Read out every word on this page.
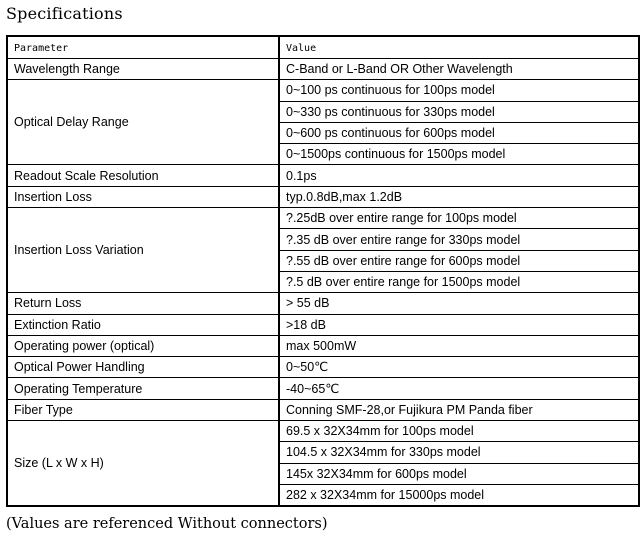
Specifications
Parameter	Value
Wavelength Range	C-Band or L-Band OR Other Wavelength
Optical Delay Range	0~100 ps continuous for 100ps model
	0~330 ps continuous for 330ps model
	0~600 ps continuous for 600ps model
	0~1500ps continuous for 1500ps model
Readout Scale Resolution	0.1ps
Insertion Loss	typ.0.8dB,max 1.2dB
Insertion Loss Variation	?.25dB over entire range for 100ps model
	?.35 dB over entire range for 330ps model
	?.55 dB over entire range for 600ps model
	?.5 dB over entire range for 1500ps model
Return Loss	> 55 dB
Extinction Ratio	>18 dB
Operating power (optical)	max 500mW
Optical Power Handling	0~50℃
Operating Temperature	-40~65℃
Fiber Type	Conning SMF-28,or Fujikura PM Panda fiber
Size (L x W x H)	69.5 x 32X34mm for 100ps model
	104.5 x 32X34mm for 330ps model
	145x 32X34mm for 600ps model
	282 x 32X34mm for 15000ps model
(Values are referenced Without connectors)
